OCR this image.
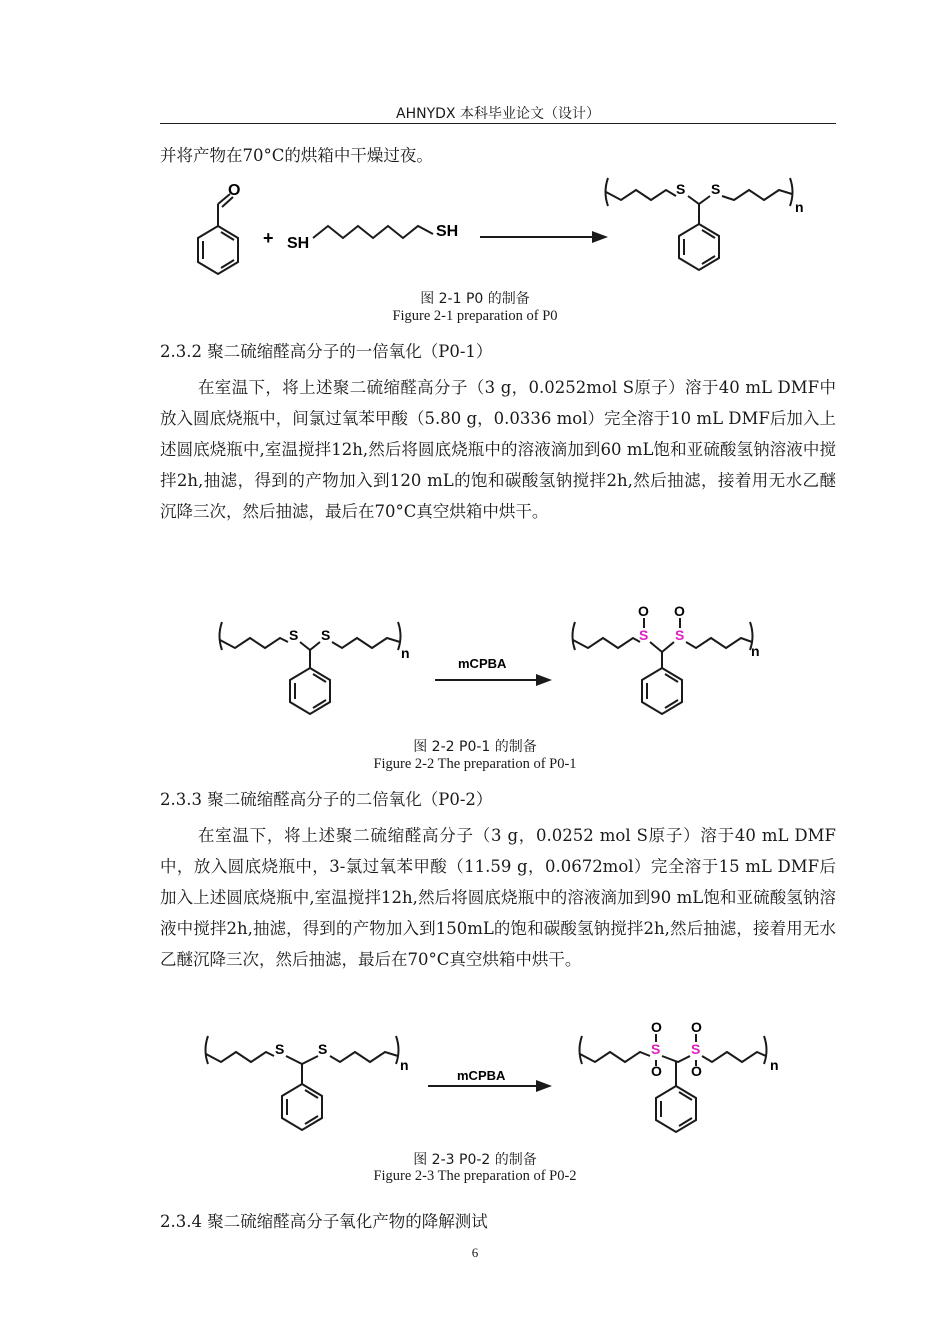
AHNYDX 本科毕业论文（设计）
并将产物在70°C的烘箱中干燥过夜。
O
+ SH
SH
S S
n
图 2-1 P0 的制备
Figure 2-1 preparation of P0
2.3.2 聚二硫缩醛高分子的一倍氧化（P0-1）
在室温下，将上述聚二硫缩醛高分子（3 g，0.0252mol S原子）溶于40 mL DMF中放入圆底烧瓶中，间氯过氧苯甲酸（5.80 g，0.0336 mol）完全溶于10 mL DMF后加入上述圆底烧瓶中,室温搅拌12h,然后将圆底烧瓶中的溶液滴加到60 mL饱和亚硫酸氢钠溶液中搅拌2h,抽滤，得到的产物加入到120 mL的饱和碳酸氢钠搅拌2h,然后抽滤，接着用无水乙醚沉降三次，然后抽滤，最后在70°C真空烘箱中烘干。
S S
n
mCPBA
O O
S S
n
图 2-2 P0-1 的制备
Figure 2-2 The preparation of P0-1
2.3.3 聚二硫缩醛高分子的二倍氧化（P0-2）
在室温下，将上述聚二硫缩醛高分子（3 g，0.0252 mol S原子）溶于40 mL DMF中，放入圆底烧瓶中，3-氯过氧苯甲酸（11.59 g，0.0672mol）完全溶于15 mL DMF后加入上述圆底烧瓶中,室温搅拌12h,然后将圆底烧瓶中的溶液滴加到90 mL饱和亚硫酸氢钠溶液中搅拌2h,抽滤，得到的产物加入到150mL的饱和碳酸氢钠搅拌2h,然后抽滤，接着用无水乙醚沉降三次，然后抽滤，最后在70°C真空烘箱中烘干。
S S
n
mCPBA
O O
S S
O O	n
图 2-3 P0-2 的制备
Figure 2-3 The preparation of P0-2
2.3.4 聚二硫缩醛高分子氧化产物的降解测试
6
